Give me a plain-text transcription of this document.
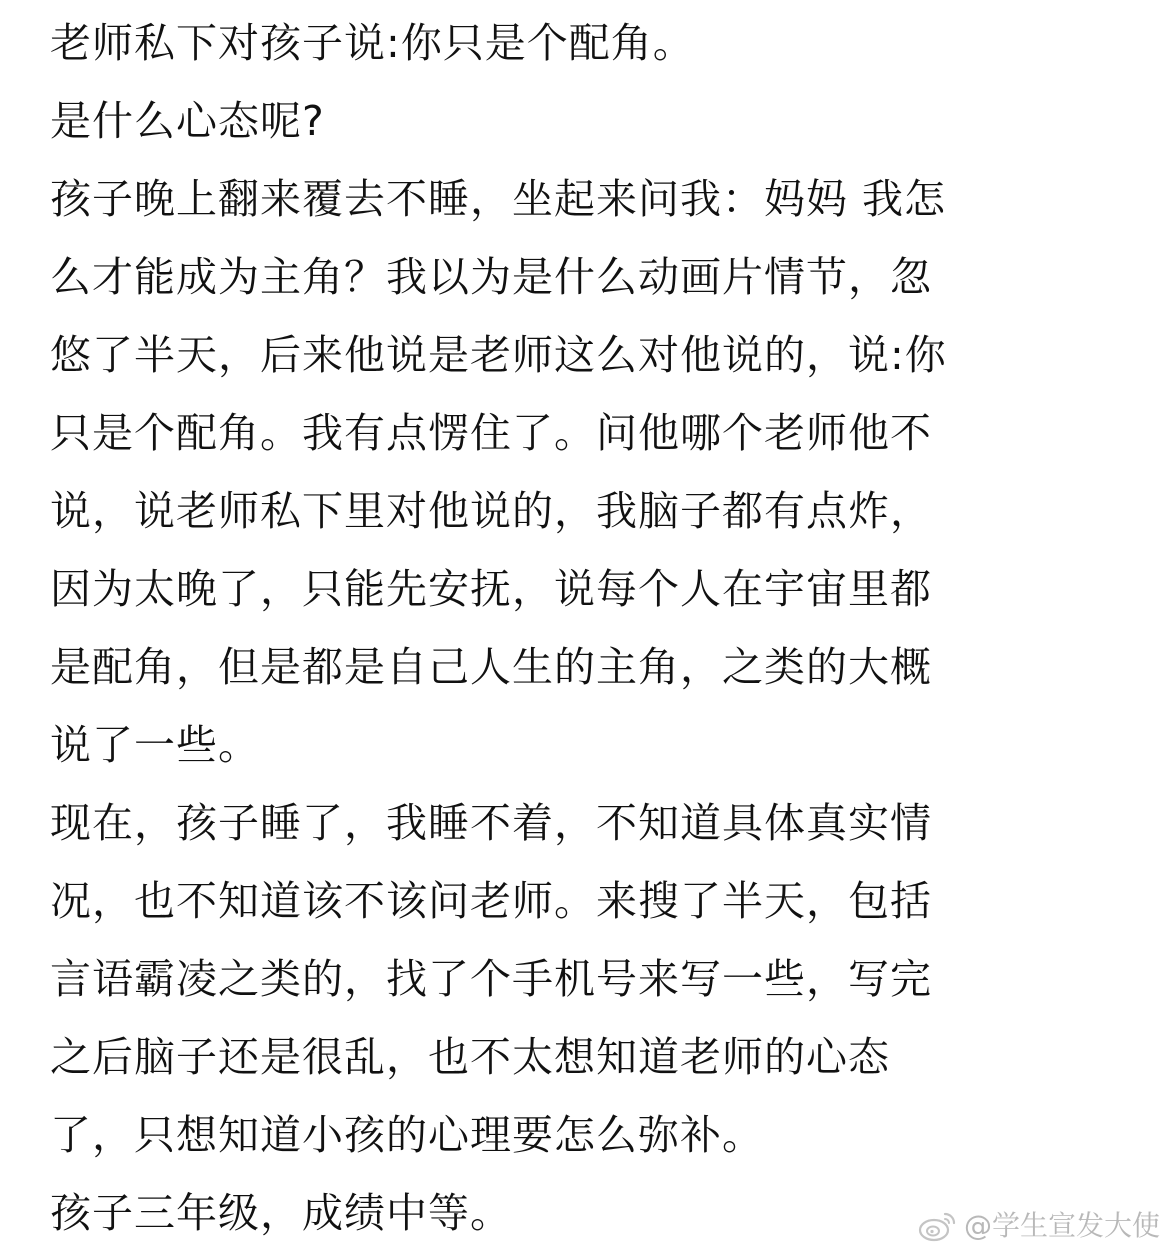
老师私下对孩子说:你只是个配角。
是什么心态呢?
孩子晚上翻来覆去不睡，坐起来问我：妈妈 我怎
么才能成为主角？我以为是什么动画片情节，忽
悠了半天，后来他说是老师这么对他说的，说:你
只是个配角。我有点愣住了。问他哪个老师他不
说，说老师私下里对他说的，我脑子都有点炸，
因为太晚了，只能先安抚，说每个人在宇宙里都
是配角，但是都是自己人生的主角，之类的大概
说了一些。
现在，孩子睡了，我睡不着，不知道具体真实情
况，也不知道该不该问老师。来搜了半天，包括
言语霸凌之类的，找了个手机号来写一些，写完
之后脑子还是很乱，也不太想知道老师的心态
了，只想知道小孩的心理要怎么弥补。
孩子三年级，成绩中等。	@学生宣发大使
